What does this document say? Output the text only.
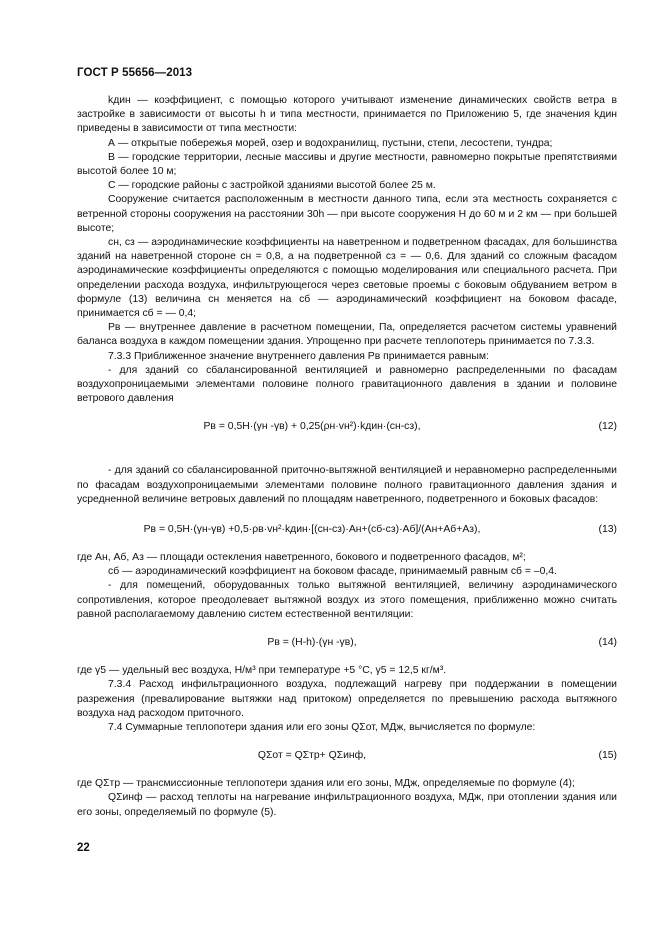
ГОСТ Р 55656—2013

kдин — коэффициент, с помощью которого учитывают изменение динамических свойств ветра в застройке в зависимости от высоты h и типа местности, принимается по Приложению 5, где значения kдин приведены в зависимости от типа местности:

А — открытые побережья морей, озер и водохранилищ, пустыни, степи, лесостепи, тундра;

В — городские территории, лесные массивы и другие местности, равномерно покрытые препятствиями высотой более 10 м;

С — городские районы с застройкой зданиями высотой более 25 м.

Сооружение считается расположенным в местности данного типа, если эта местность сохраняется с ветренной стороны сооружения на расстоянии 30h — при высоте сооружения H до 60 м и 2 км — при большей высоте;

cн, cз — аэродинамические коэффициенты на наветренном и подветренном фасадах, для большинства зданий на наветренной стороне cн = 0,8, а на подветренной cз = — 0,6. Для зданий со сложным фасадом аэродинамические коэффициенты определяются с помощью моделирования или специального расчета. При определении расхода воздуха, инфильтрующегося через световые проемы с боковым обдуванием ветром в формуле (13) величина cн меняется на cб — аэродинамический коэффициент на боковом фасаде, принимается cб = — 0,4;

Pв — внутреннее давление в расчетном помещении, Па, определяется расчетом системы уравнений баланса воздуха в каждом помещении здания. Упрощенно при расчете теплопотерь принимается по 7.3.3.

7.3.3 Приближенное значение внутреннего давления Pв принимается равным:

- для зданий со сбалансированной вентиляцией и равномерно распределенными по фасадам воздухопроницаемыми элементами половине полного гравитационного давления в здании и половине ветрового давления

Pв = 0,5H·(γн -γв) + 0,25(ρн·vн²)·kдин·(cн-cз),	(12)

- для зданий со сбалансированной приточно-вытяжной вентиляцией и неравномерно распределенными по фасадам воздухопроницаемыми элементами половине полного гравитационного давления здания и усредненной величине ветровых давлений по площадям наветренного, подветренного и боковых фасадов:

Pв = 0,5H·(γн-γв) +0,5·ρв·vн²·kдин·[(cн-cз)·Aн+(cб-cз)·Aб]/(Aн+Aб+Aз),	(13)

где Aн, Aб, Aз — площади остекления наветренного, бокового и подветренного фасадов, м²;

cб — аэродинамический коэффициент на боковом фасаде, принимаемый равным cб = –0,4.

- для помещений, оборудованных только вытяжной вентиляцией, величину аэродинамического сопротивления, которое преодолевает вытяжной воздух из этого помещения, приближенно можно считать равной располагаемому давлению систем естественной вентиляции:

Pв = (H-h)·(γн -γв),	(14)

где γ5 — удельный вес воздуха, Н/м³ при температуре +5 °С, γ5 = 12,5 кг/м³.

7.3.4 Расход инфильтрационного воздуха, подлежащий нагреву при поддержании в помещении разрежения (превалирование вытяжки над притоком) определяется по превышению расхода вытяжного воздуха над расходом приточного.

7.4 Суммарные теплопотери здания или его зоны QΣот, МДж, вычисляется по формуле:

QΣот = QΣтр+ QΣинф,	(15)

где QΣтр — трансмиссионные теплопотери здания или его зоны, МДж, определяемые по формуле (4);

QΣинф — расход теплоты на нагревание инфильтрационного воздуха, МДж, при отоплении здания или его зоны, определяемый по формуле (5).

22
